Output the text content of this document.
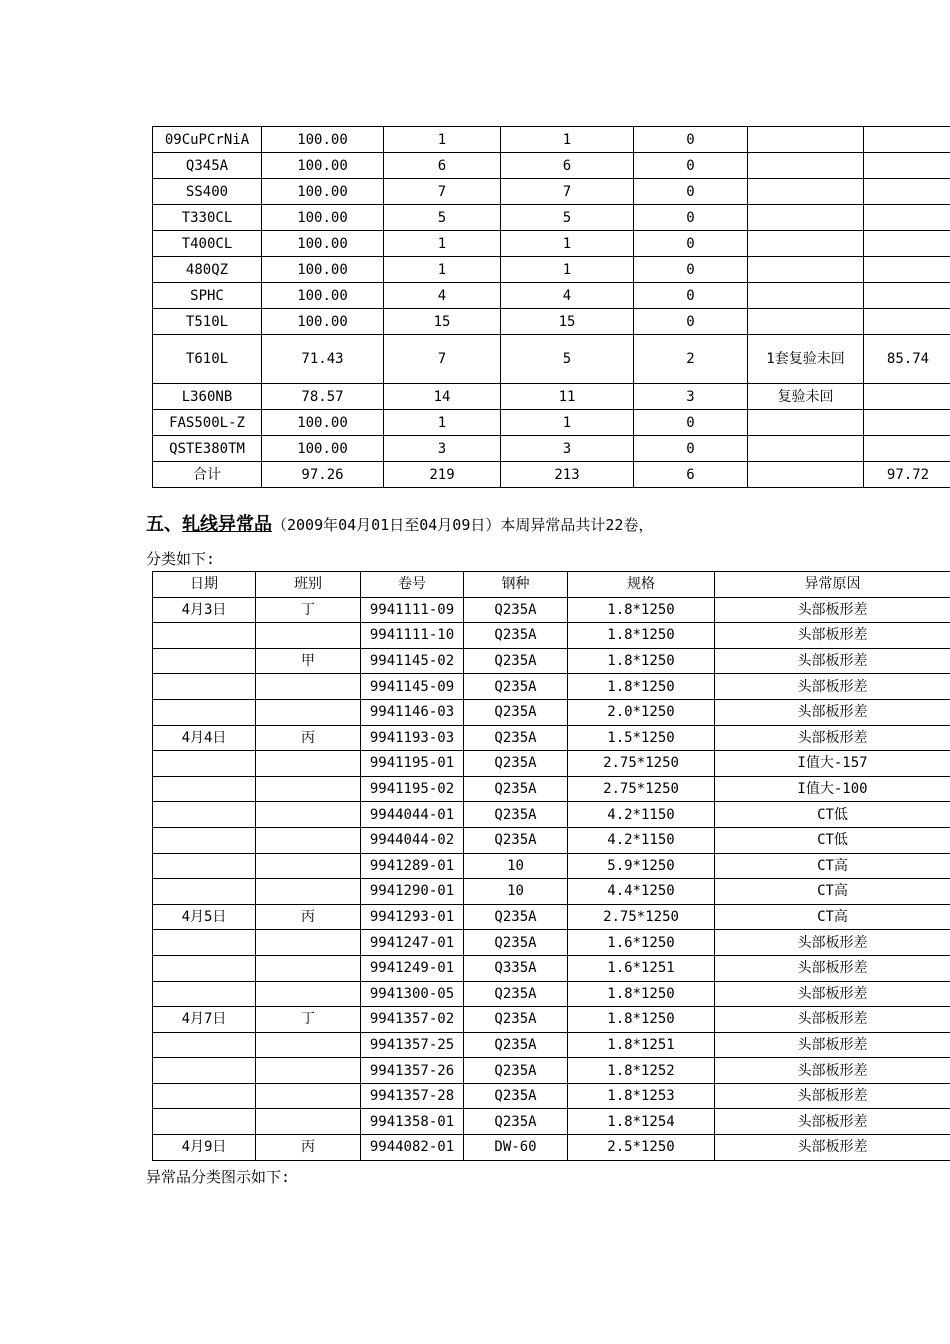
09CuPCrNiA	100.00	1	1	0		
Q345A	100.00	6	6	0		
SS400	100.00	7	7	0		
T330CL	100.00	5	5	0		
T400CL	100.00	1	1	0		
480QZ	100.00	1	1	0		
SPHC	100.00	4	4	0		
T510L	100.00	15	15	0		
T610L	71.43	7	5	2	1套复验未回	85.74
L360NB	78.57	14	11	3	复验未回	
FAS500L-Z	100.00	1	1	0		
QSTE380TM	100.00	3	3	0		
合计	97.26	219	213	6		97.72
五、轧线异常品（2009年04月01日至04月09日）本周异常品共计22卷，
分类如下:
日期	班别	卷号	钢种	规格	异常原因
4月3日	丁	9941111-09	Q235A	1.8*1250	头部板形差
		9941111-10	Q235A	1.8*1250	头部板形差
	甲	9941145-02	Q235A	1.8*1250	头部板形差
		9941145-09	Q235A	1.8*1250	头部板形差
		9941146-03	Q235A	2.0*1250	头部板形差
4月4日	丙	9941193-03	Q235A	1.5*1250	头部板形差
		9941195-01	Q235A	2.75*1250	I值大-157
		9941195-02	Q235A	2.75*1250	I值大-100
		9944044-01	Q235A	4.2*1150	CT低
		9944044-02	Q235A	4.2*1150	CT低
		9941289-01	10	5.9*1250	CT高
		9941290-01	10	4.4*1250	CT高
4月5日	丙	9941293-01	Q235A	2.75*1250	CT高
		9941247-01	Q235A	1.6*1250	头部板形差
		9941249-01	Q335A	1.6*1251	头部板形差
		9941300-05	Q235A	1.8*1250	头部板形差
4月7日	丁	9941357-02	Q235A	1.8*1250	头部板形差
		9941357-25	Q235A	1.8*1251	头部板形差
		9941357-26	Q235A	1.8*1252	头部板形差
		9941357-28	Q235A	1.8*1253	头部板形差
		9941358-01	Q235A	1.8*1254	头部板形差
4月9日	丙	9944082-01	DW-60	2.5*1250	头部板形差
异常品分类图示如下:
